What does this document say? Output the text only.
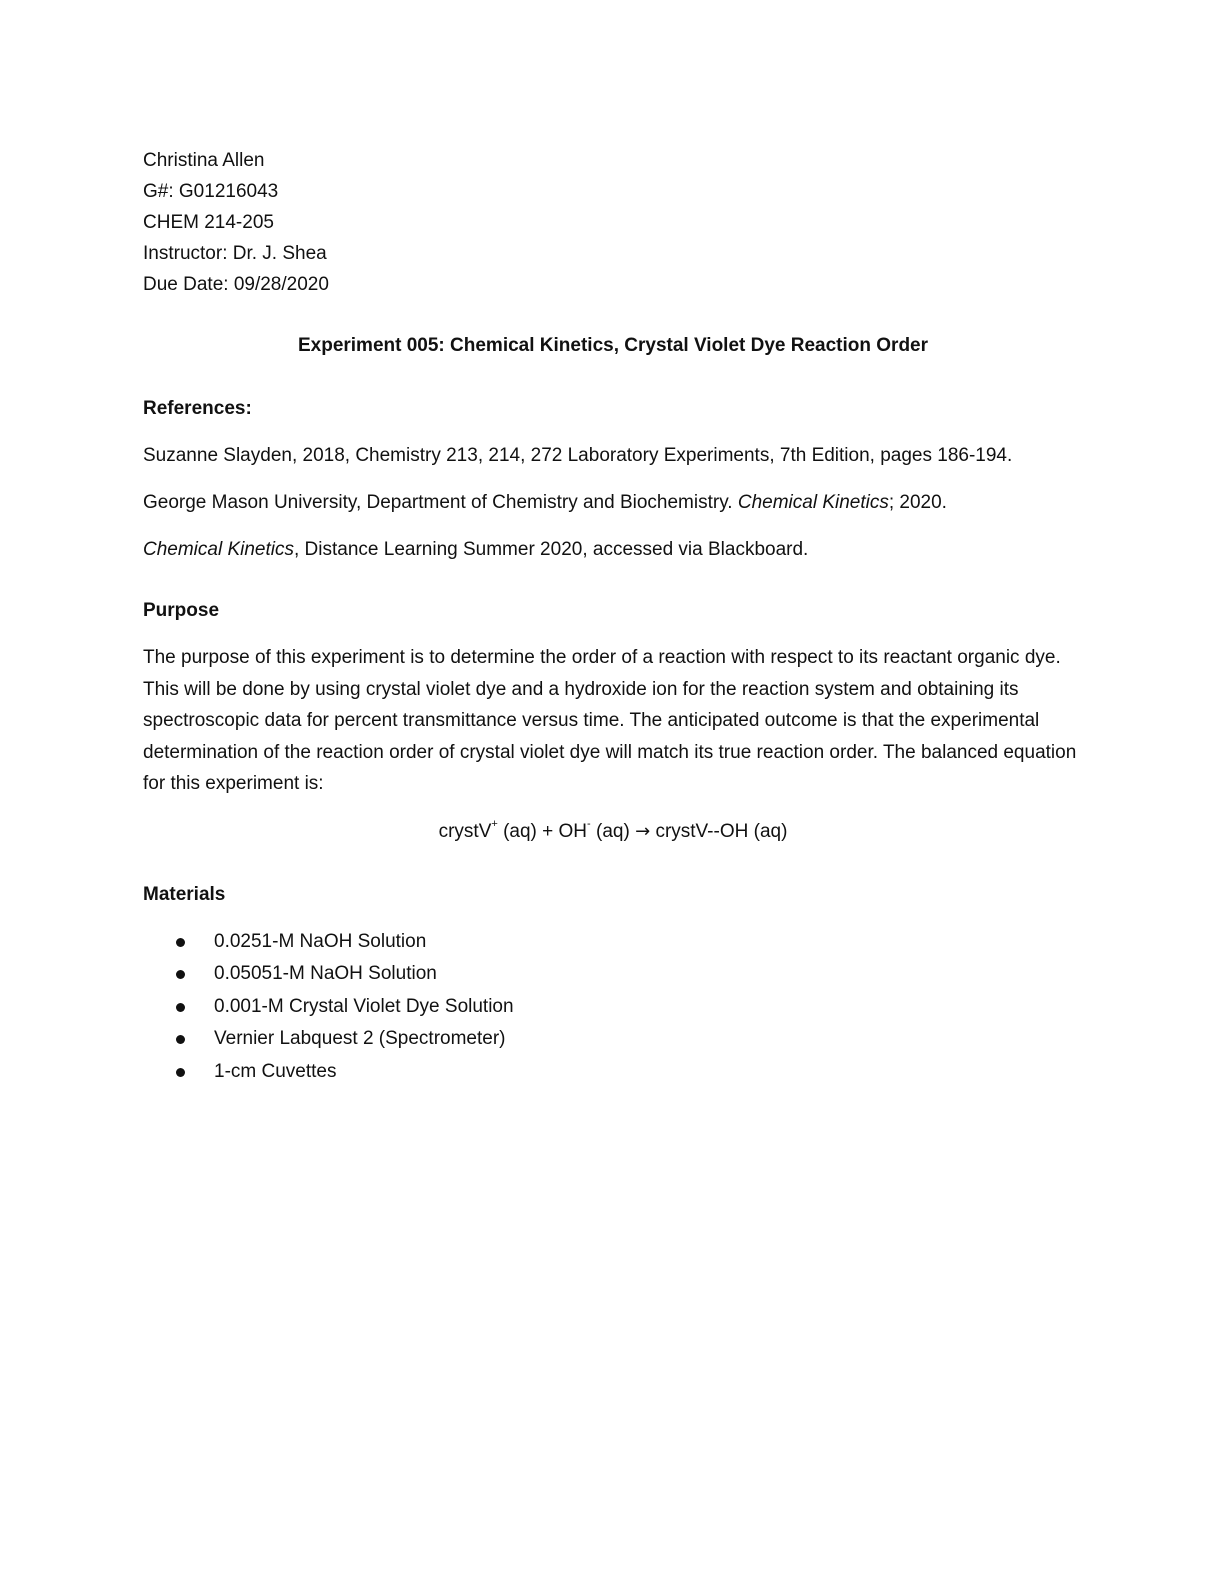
Christina Allen

G#: G01216043

CHEM 214-205

Instructor: Dr. J. Shea

Due Date: 09/28/2020

Experiment 005: Chemical Kinetics, Crystal Violet Dye Reaction Order

References:

Suzanne Slayden, 2018, Chemistry 213, 214, 272 Laboratory Experiments, 7th Edition, pages 186-194.

George Mason University, Department of Chemistry and Biochemistry. Chemical Kinetics; 2020.

Chemical Kinetics, Distance Learning Summer 2020, accessed via Blackboard.

Purpose

The purpose of this experiment is to determine the order of a reaction with respect to its reactant organic dye. This will be done by using crystal violet dye and a hydroxide ion for the reaction system and obtaining its spectroscopic data for percent transmittance versus time. The anticipated outcome is that the experimental determination of the reaction order of crystal violet dye will match its true reaction order. The balanced equation for this experiment is:

crystV+ (aq) + OH- (aq) → crystV--OH (aq)

Materials

0.0251-M NaOH Solution
0.05051-M NaOH Solution
0.001-M Crystal Violet Dye Solution
Vernier Labquest 2 (Spectrometer)
1-cm Cuvettes
